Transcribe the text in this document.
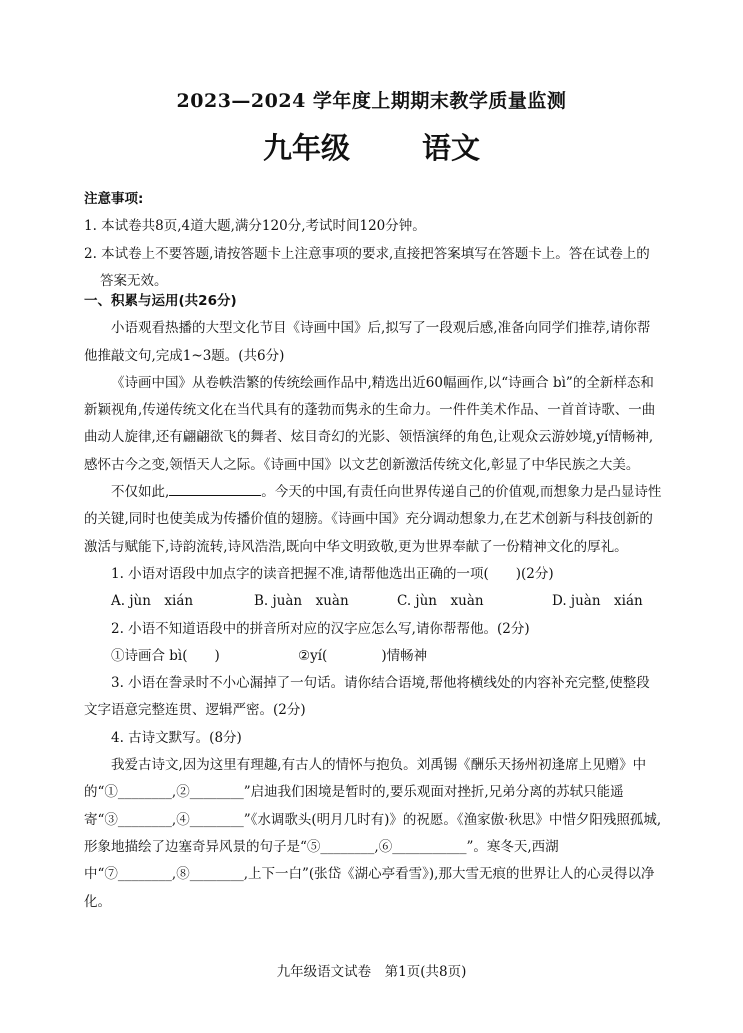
2023—2024 学年度上期期末教学质量监测
九年级 语文

注意事项:

1. 本试卷共8页,4道大题,满分120分,考试时间120分钟。

2. 本试卷上不要答题,请按答题卡上注意事项的要求,直接把答案填写在答题卡上。答在试卷上的答案无效。

一、积累与运用(共26分)

小语观看热播的大型文化节目《诗画中国》后,拟写了一段观后感,准备向同学们推荐,请你帮他推敲文句,完成1~3题。(共6分)

《诗画中国》从卷帙浩繁的传统绘画作品中,精选出近60幅画作,以“诗画合 bì”的全新样态和新颖视角,传递传统文化在当代具有的蓬勃而隽永的生命力。一件件美术作品、一首首诗歌、一曲曲动人旋律,还有翩翩欲飞的舞者、炫目奇幻的光影、领悟演绎的角色,让观众云游妙境,yí情畅神,感怀古今之变,领悟天人之际。《诗画中国》以文艺创新激活传统文化,彰显了中华民族之大美。

不仅如此,	。今天的中国,有责任向世界传递自己的价值观,而想象力是凸显诗性的关键,同时也使美成为传播价值的翅膀。《诗画中国》充分调动想象力,在艺术创新与科技创新的激活与赋能下,诗韵流转,诗风浩浩,既向中华文明致敬,更为世界奉献了一份精神文化的厚礼。

1. 小语对语段中加点字的读音把握不准,请帮他选出正确的一项(　　)(2分)

A. jùn　xián	B. juàn　xuàn	C. jùn　xuàn	D. juàn　xián

2. 小语不知道语段中的拼音所对应的汉字应怎么写,请你帮帮他。(2分)

①诗画合 bì(　　)	②yí(　　　　)情畅神

3. 小语在誊录时不小心漏掉了一句话。请你结合语境,帮他将横线处的内容补充完整,使整段文字语意完整连贯、逻辑严密。(2分)

4. 古诗文默写。(8分)

我爱古诗文,因为这里有理趣,有古人的情怀与抱负。刘禹锡《酬乐天扬州初逢席上见赠》中的“①________,②________”启迪我们困境是暂时的,要乐观面对挫折,兄弟分离的苏轼只能遥寄“③________,④________”《水调歌头(明月几时有)》的祝愿。《渔家傲·秋思》中惜夕阳残照孤城,形象地描绘了边塞奇异风景的句子是“⑤________,⑥___________”。寒冬天,西湖中“⑦________,⑧________,上下一白”(张岱《湖心亭看雪》),那大雪无痕的世界让人的心灵得以净化。

九年级语文试卷　第1页(共8页)
